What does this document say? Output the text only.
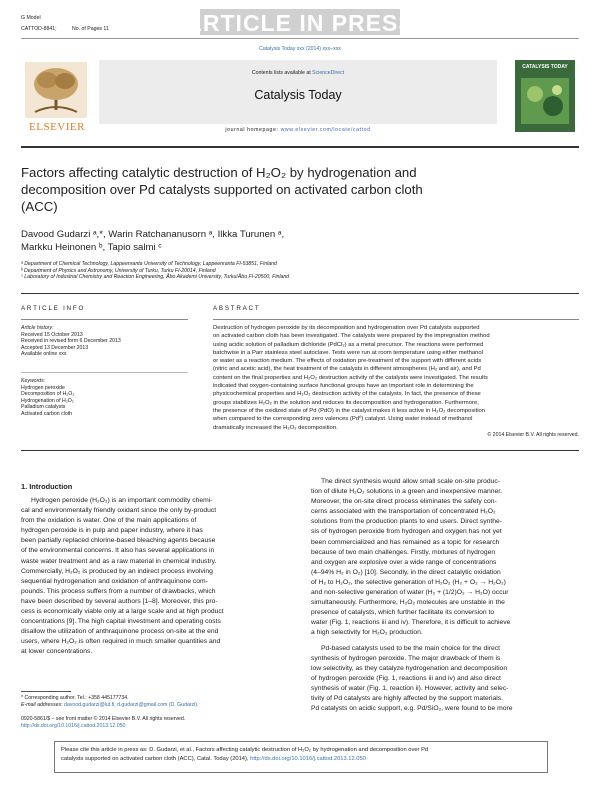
G Model
CATTOD-8841;	No. of Pages 11	ARTICLE IN PRESS
Catalysis Today xxx (2014) xxx–xxx
ELSEVIER
Contents lists available at ScienceDirect
Catalysis Today
journal homepage: www.elsevier.com/locate/cattod
CATALYSIS TODAY
Factors affecting catalytic destruction of H₂O₂ by hydrogenation and
decomposition over Pd catalysts supported on activated carbon cloth
(ACC)
Davood Gudarzi ᵃ,*, Warin Ratchananusorn ᵃ, Ilkka Turunen ᵃ,
Markku Heinonen ᵇ, Tapio salmi ᶜ
ᵃ Department of Chemical Technology, Lappeenranta University of Technology, Lappeenranta FI-53851, Finland
ᵇ Department of Physics and Astronomy, University of Turku, Turku FI-20014, Finland
ᶜ Laboratory of Industrial Chemistry and Reaction Engineering, Åbo Akademi University, Turku/Åbo FI-20500, Finland
ARTICLE INFO
Article history:
Received 15 October 2013
Received in revised form 6 December 2013
Accepted 13 December 2013
Available online xxx
Keywords:
Hydrogen peroxide
Decomposition of H₂O₂
Hydrogenation of H₂O₂
Palladium catalysts
Activated carbon cloth
ABSTRACT
Destruction of hydrogen peroxide by its decomposition and hydrogenation over Pd catalysts supported
on activated carbon cloth has been investigated. The catalysts were prepared by the impregnation method
using acidic solution of palladium dichloride (PdCl₂) as a metal precursor. The reactions were performed
batchwise in a Parr stainless steel autoclave. Tests were run at room temperature using either methanol
or water as a reaction medium. The effects of oxidation pre-treatment of the support with different acids
(nitric and acetic acid), the heat treatment of the catalysts in different atmospheres (H₂ and air), and Pd
content on the final properties and H₂O₂ destruction activity of the catalysts were investigated. The results
indicated that oxygen-containing surface functional groups have an important role in determining the
physicochemical properties and H₂O₂ destruction activity of the catalysts. In fact, the presence of these
groups stabilizes H₂O₂ in the solution and reduces its decomposition and hydrogenation. Furthermore,
the presence of the oxidized state of Pd (PdO) in the catalyst makes it less active in H₂O₂ decomposition
when compared to the corresponding zero valences (Pd⁰) catalyst. Using water instead of methanol
dramatically increased the H₂O₂ decomposition.
© 2014 Elsevier B.V. All rights reserved.
1. Introduction
Hydrogen peroxide (H₂O₂) is an important commodity chemi-
cal and environmentally friendly oxidant since the only by-product
from the oxidation is water. One of the main applications of
hydrogen peroxide is in pulp and paper industry, where it has
been partially replaced chlorine-based bleaching agents because
of the environmental concerns. It also has several applications in
waste water treatment and as a raw material in chemical industry.
Commercially, H₂O₂ is produced by an indirect process involving
sequential hydrogenation and oxidation of anthraquinone com-
pounds. This process suffers from a number of drawbacks, which
have been described by several authors [1–8]. Moreover, this pro-
cess is economically viable only at a large scale and at high product
concentrations [9]. The high capital investment and operating costs
disallow the utilization of anthraquinone process on-site at the end
users, where H₂O₂ is often required in much smaller quantities and
at lower concentrations.
The direct synthesis would allow small scale on-site produc-
tion of dilute H₂O₂ solutions in a green and inexpensive manner.
Moreover, the on-site direct process eliminates the safety con-
cerns associated with the transportation of concentrated H₂O₂
solutions from the production plants to end users. Direct synthe-
sis of hydrogen peroxide from hydrogen and oxygen has not yet
been commercialized and has remained as a topic for research
because of two main challenges. Firstly, mixtures of hydrogen
and oxygen are explosive over a wide range of concentrations
(4–94% H₂ in O₂) [10]. Secondly, in the direct catalytic oxidation
of H₂ to H₂O₂, the selective generation of H₂O₂ (H₂ + O₂ → H₂O₂)
and non-selective generation of water (H₂ + (1/2)O₂ → H₂O) occur
simultaneously. Furthermore, H₂O₂ molecules are unstable in the
presence of catalysts, which further facilitate its conversion to
water (Fig. 1, reactions iii and iv). Therefore, it is difficult to achieve
a high selectivity for H₂O₂ production.
Pd-based catalysts used to be the main choice for the direct
synthesis of hydrogen peroxide. The major drawback of them is
low selectivity, as they catalyze hydrogenation and decomposition
of hydrogen peroxide (Fig. 1, reactions iii and iv) and also direct
synthesis of water (Fig. 1, reaction ii). However, activity and selec-
tivity of Pd catalysts are highly affected by the support materials.
Pd catalysts on acidic support, e.g. Pd/SiO₂, were found to be more
* Corresponding author. Tel.: +358 445177734.
E-mail addresses: davood.gudarzi@lut.fi, d.gudarzi@gmail.com (D. Gudarzi).
0920-5861/$ – see front matter © 2014 Elsevier B.V. All rights reserved.
http://dx.doi.org/10.1016/j.cattod.2013.12.050
Please cite this article in press as: D. Gudarzi, et al., Factors affecting catalytic destruction of H₂O₂ by hydrogenation and decomposition over Pd
catalysts supported on activated carbon cloth (ACC), Catal. Today (2014), http://dx.doi.org/10.1016/j.cattod.2013.12.050
